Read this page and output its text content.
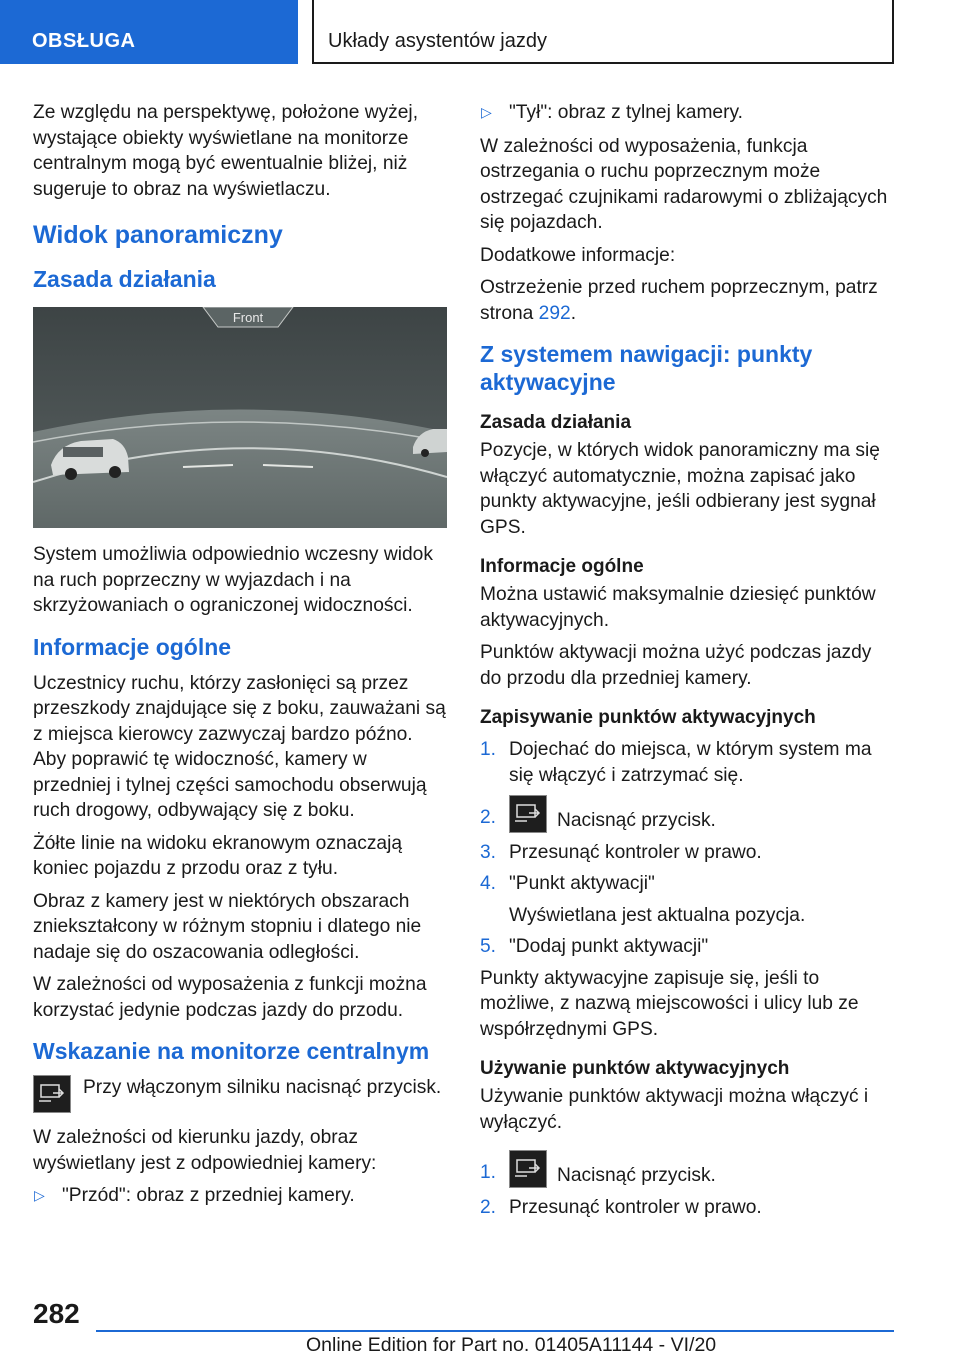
OBSŁUGA	Układy asystentów jazdy

Ze względu na perspektywę, położone wyżej, wystające obiekty wyświetlane na monitorze centralnym mogą być ewentualnie bliżej, niż sugeruje to obraz na wyświetlaczu.

Widok panoramiczny
Zasada działania
Front

System umożliwia odpowiednio wczesny widok na ruch poprzeczny w wyjazdach i na skrzyżowaniach o ograniczonej widoczności.

Informacje ogólne

Uczestnicy ruchu, którzy zasłonięci są przez przeszkody znajdujące się z boku, zauważani są z miejsca kierowcy zazwyczaj bardzo późno. Aby poprawić tę widoczność, kamery w przedniej i tylnej części samochodu obserwują ruch drogowy, odbywający się z boku.

Żółte linie na widoku ekranowym oznaczają koniec pojazdu z przodu oraz z tyłu.

Obraz z kamery jest w niektórych obszarach zniekształcony w różnym stopniu i dlatego nie nadaje się do oszacowania odległości.

W zależności od wyposażenia z funkcji można korzystać jedynie podczas jazdy do przodu.

Wskazanie na monitorze centralnym
Przy włączonym silniku nacisnąć przycisk.

W zależności od kierunku jazdy, obraz wyświetlany jest z odpowiedniej kamery:

▷ "Przód": obraz z przedniej kamery.
▷ "Tył": obraz z tylnej kamery.

W zależności od wyposażenia, funkcja ostrzegania o ruchu poprzecznym może ostrzegać czujnikami radarowymi o zbliżających się pojazdach.

Dodatkowe informacje:

Ostrzeżenie przed ruchem poprzecznym, patrz strona 292.

Z systemem nawigacji: punkty aktywacyjne
Zasada działania

Pozycje, w których widok panoramiczny ma się włączyć automatycznie, można zapisać jako punkty aktywacyjne, jeśli odbierany jest sygnał GPS.

Informacje ogólne

Można ustawić maksymalnie dziesięć punktów aktywacyjnych.

Punktów aktywacji można użyć podczas jazdy do przodu dla przedniej kamery.

Zapisywanie punktów aktywacyjnych
1. Dojechać do miejsca, w którym system ma się włączyć i zatrzymać się.
2.	Nacisnąć przycisk.
3. Przesunąć kontroler w prawo.
4. "Punkt aktywacji"
Wyświetlana jest aktualna pozycja.
5. "Dodaj punkt aktywacji"

Punkty aktywacyjne zapisuje się, jeśli to możliwe, z nazwą miejscowości i ulicy lub ze współrzędnymi GPS.

Używanie punktów aktywacyjnych

Używanie punktów aktywacji można włączyć i wyłączyć.

1.	Nacisnąć przycisk.
2. Przesunąć kontroler w prawo.
282
Online Edition for Part no. 01405A11144 - VI/20
